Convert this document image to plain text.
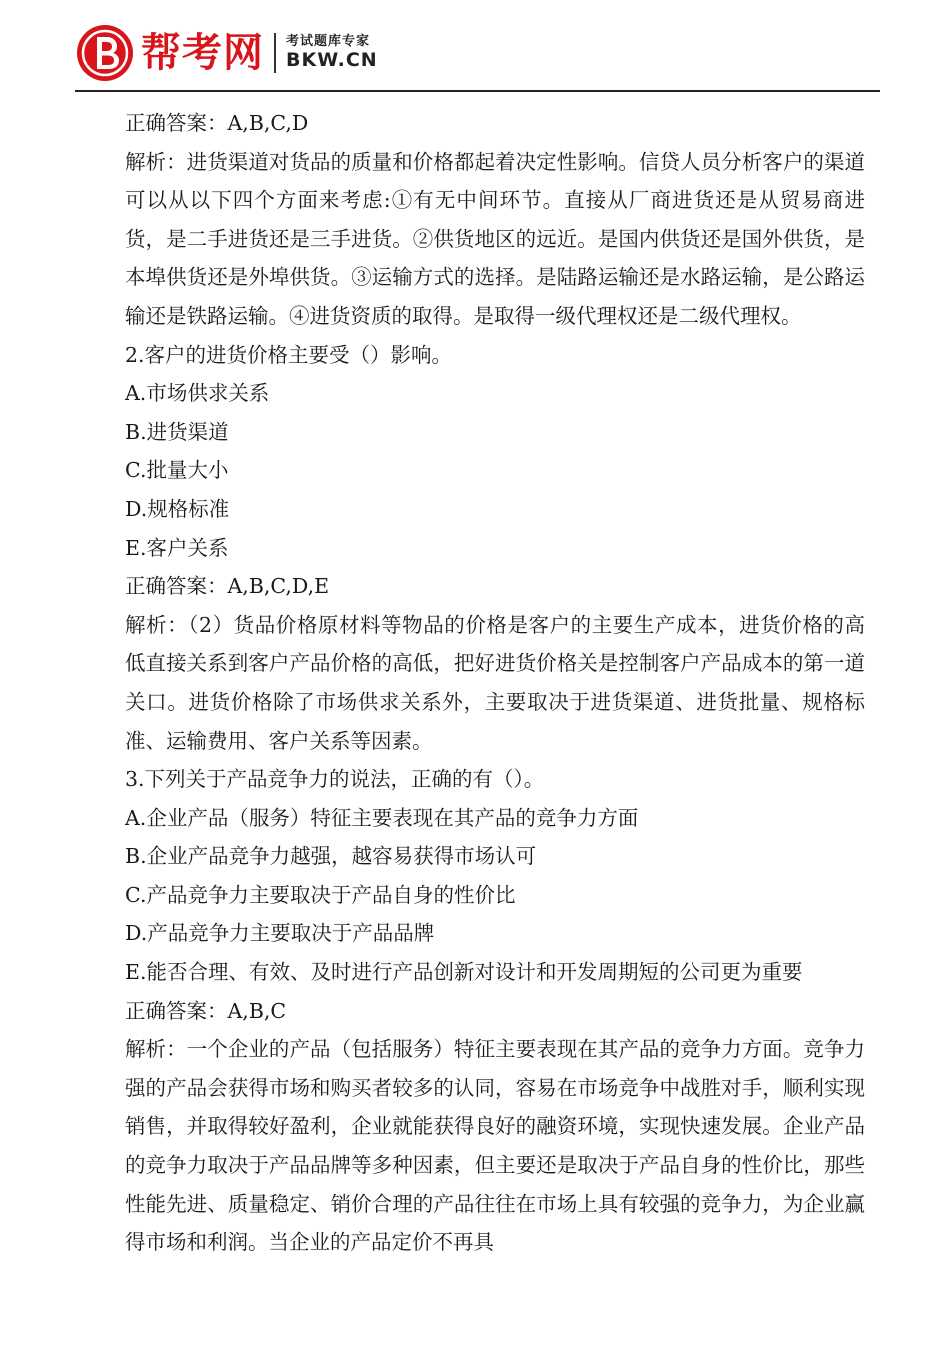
帮考网 考试题库专家
BKW.CN
正确答案：A,B,C,D
解析：进货渠道对货品的质量和价格都起着决定性影响。信贷人员分析客户的渠道可以从以下四个方面来考虑:①有无中间环节。直接从厂商进货还是从贸易商进货，是二手进货还是三手进货。②供货地区的远近。是国内供货还是国外供货，是本埠供货还是外埠供货。③运输方式的选择。是陆路运输还是水路运输，是公路运输还是铁路运输。④进货资质的取得。是取得一级代理权还是二级代理权。
2.客户的进货价格主要受（）影响。
A.市场供求关系
B.进货渠道
C.批量大小
D.规格标准
E.客户关系
正确答案：A,B,C,D,E
解析：（2）货品价格原材料等物品的价格是客户的主要生产成本，进货价格的高低直接关系到客户产品价格的高低，把好进货价格关是控制客户产品成本的第一道关口。进货价格除了市场供求关系外，主要取决于进货渠道、进货批量、规格标准、运输费用、客户关系等因素。
3.下列关于产品竞争力的说法，正确的有（）。
A.企业产品（服务）特征主要表现在其产品的竞争力方面
B.企业产品竞争力越强，越容易获得市场认可
C.产品竞争力主要取决于产品自身的性价比
D.产品竞争力主要取决于产品品牌
E.能否合理、有效、及时进行产品创新对设计和开发周期短的公司更为重要
正确答案：A,B,C
解析：一个企业的产品（包括服务）特征主要表现在其产品的竞争力方面。竞争力强的产品会获得市场和购买者较多的认同，容易在市场竞争中战胜对手，顺利实现销售，并取得较好盈利，企业就能获得良好的融资环境，实现快速发展。企业产品的竞争力取决于产品品牌等多种因素，但主要还是取决于产品自身的性价比，那些性能先进、质量稳定、销价合理的产品往往在市场上具有较强的竞争力，为企业赢得市场和利润。当企业的产品定价不再具
